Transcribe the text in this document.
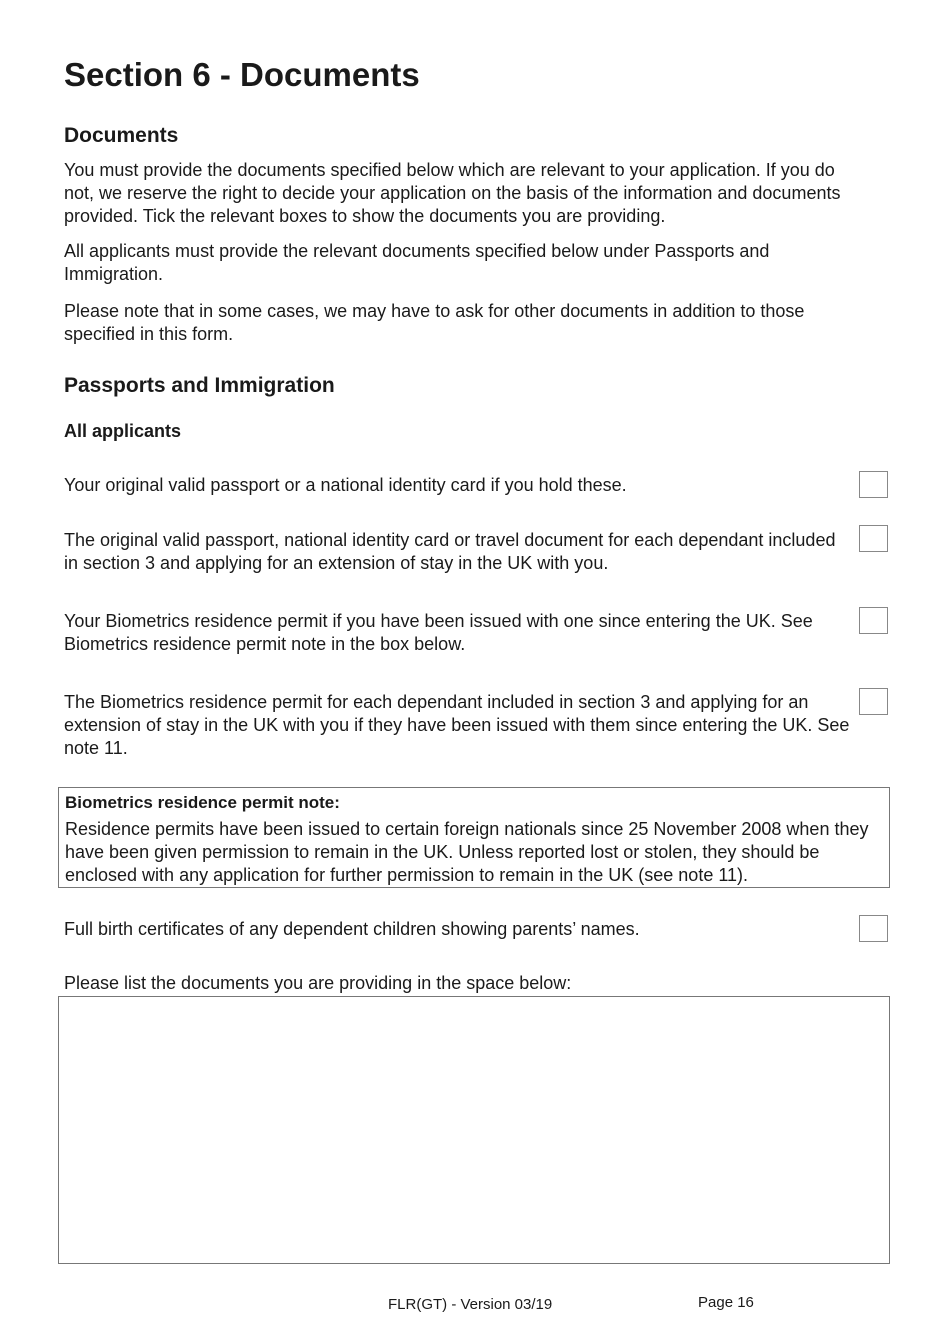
Section 6 - Documents
Documents

You must provide the documents specified below which are relevant to your application. If you do not, we reserve the right to decide your application on the basis of the information and documents provided. Tick the relevant boxes to show the documents you are providing.

All applicants must provide the relevant documents specified below under Passports and Immigration.

Please note that in some cases, we may have to ask for other documents in addition to those specified in this form.

Passports and Immigration
All applicants

Your original valid passport or a national identity card if you hold these.

The original valid passport, national identity card or travel document for each dependant included in section 3 and applying for an extension of stay in the UK with you.

Your Biometrics residence permit if you have been issued with one since entering the UK. See Biometrics residence permit note in the box below.

The Biometrics residence permit for each dependant included in section 3 and applying for an extension of stay in the UK with you if they have been issued with them since entering the UK. See note 11.

Biometrics residence permit note:
Residence permits have been issued to certain foreign nationals since 25 November 2008 when they have been given permission to remain in the UK. Unless reported lost or stolen, they should be enclosed with any application for further permission to remain in the UK (see note 11).

Full birth certificates of any dependent children showing parents’ names.

Please list the documents you are providing in the space below:

FLR(GT) - Version 03/19	Page 16
